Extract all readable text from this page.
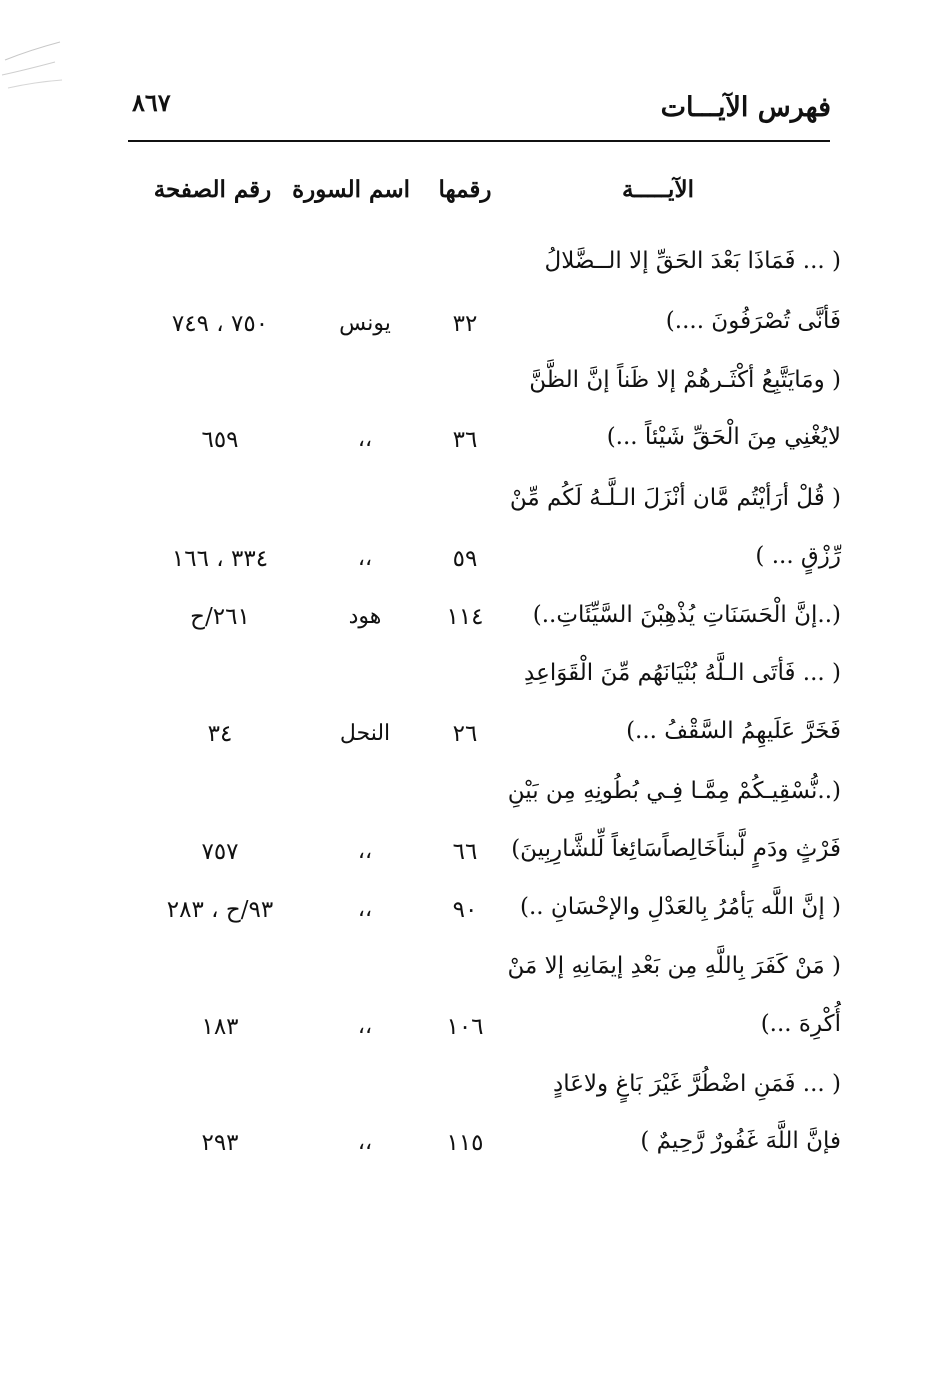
فهرس الآيـــات
٨٦٧
الآيـــــة
رقمها
اسم السورة
رقم الصفحة
( ... فَمَاذَا بَعْدَ الحَقِّ إلا الــضَّلالُ
فَأنَّى تُصْرَفُونَ ....)
٣٢
يونس
٧٥٠ ، ٧٤٩
( ومَايَتَّبِعُ أكْثَـرهُمْ إلا ظَناً إنَّ الظَّنَّ
لايُغْنِي مِنَ الْحَقِّ شَيْئاً ...)
٣٦
،،
٦٥٩
( قُلْ أرَأيْتُم مَّان أنْزَلَ الـلَّـهُ لَكُم مِّنْ
رِّزْقٍ ... )
٥٩
،،
٣٣٤ ، ١٦٦
(..إنَّ الْحَسَنَاتِ يُذْهِبْنَ السَّيِّئَاتِ..)
١١٤
هود
٢٦١/ح
( ... فَأتَى الـلَّهُ بُنْيَانَهُم مِّنَ الْقَوَاعِدِ
فَخَرَّ عَلَيهِمُ السَّقْفُ ...)
٢٦
النحل
٣٤
(..نُّسْقِيـكُمْ مِمَّـا فِـي بُطُونِهِ مِن بَيْنِ
فَرْثٍ ودَمٍ لَّبناًخَالِصاًسَائِغاً لِّلشَّارِبِينَ)
٦٦
،،
٧٥٧
( إنَّ اللَّه يَأمُرُ بِالعَدْلِ والإحْسَانِ ..)
٩٠
،،
٩٣/ح ، ٢٨٣
( مَنْ كَفَرَ بِاللَّهِ مِن بَعْدِ إيمَانِهِ إلا مَنْ
أُكْرِهَ ...)
١٠٦
،،
١٨٣
( ... فَمَنِ اضْطُرَّ غَيْرَ بَاغٍ ولاعَادٍ
فإنَّ اللَّهَ غَفُورٌ رَّحِيمٌ )
١١٥
،،
٢٩٣
